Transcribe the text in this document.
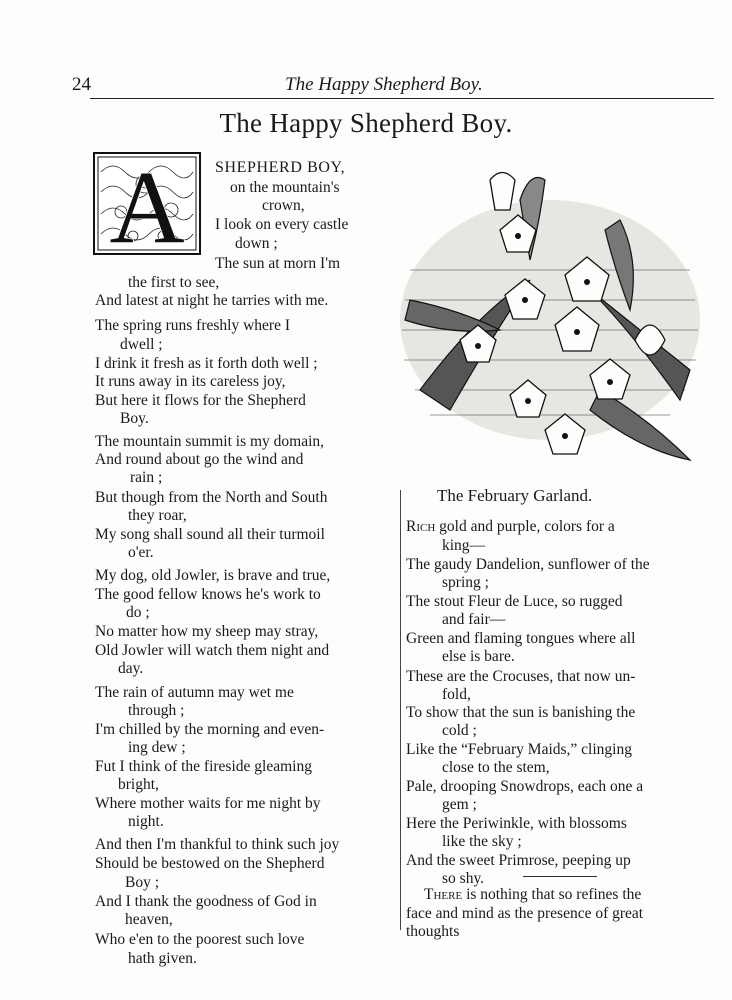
24	The Happy Shepherd Boy.
The Happy Shepherd Boy.
A SHEPHERD BOY,
on the mountain's
crown,
I look on every castle
down ;
The sun at morn I'm
the first to see,
And latest at night he tarries with me.
The spring runs freshly where I
dwell ;
I drink it fresh as it forth doth well ;
It runs away in its careless joy,
But here it flows for the Shepherd
Boy.
The mountain summit is my domain,
And round about go the wind and
rain ;
But though from the North and South
they roar,
My song shall sound all their turmoil
o'er.
My dog, old Jowler, is brave and true,
The good fellow knows he's work to
do ;
No matter how my sheep may stray,
Old Jowler will watch them night and
day.
The rain of autumn may wet me
through ;
I'm chilled by the morning and even-
ing dew ;
Fut I think of the fireside gleaming
bright,
Where mother waits for me night by
night.
And then I'm thankful to think such joy
Should be bestowed on the Shepherd
Boy ;
And I thank the goodness of God in
heaven,
Who e'en to the poorest such love
hath given.
The February Garland.
Rich gold and purple, colors for a
king—
The gaudy Dandelion, sunflower of the
spring ;
The stout Fleur de Luce, so rugged
and fair—
Green and flaming tongues where all
else is bare.
These are the Crocuses, that now un-
fold,
To show that the sun is banishing the
cold ;
Like the “February Maids,” clinging
close to the stem,
Pale, drooping Snowdrops, each one a
gem ;
Here the Periwinkle, with blossoms
like the sky ;
And the sweet Primrose, peeping up
so shy.
There is nothing that so refines the
face and mind as the presence of great
thoughts
